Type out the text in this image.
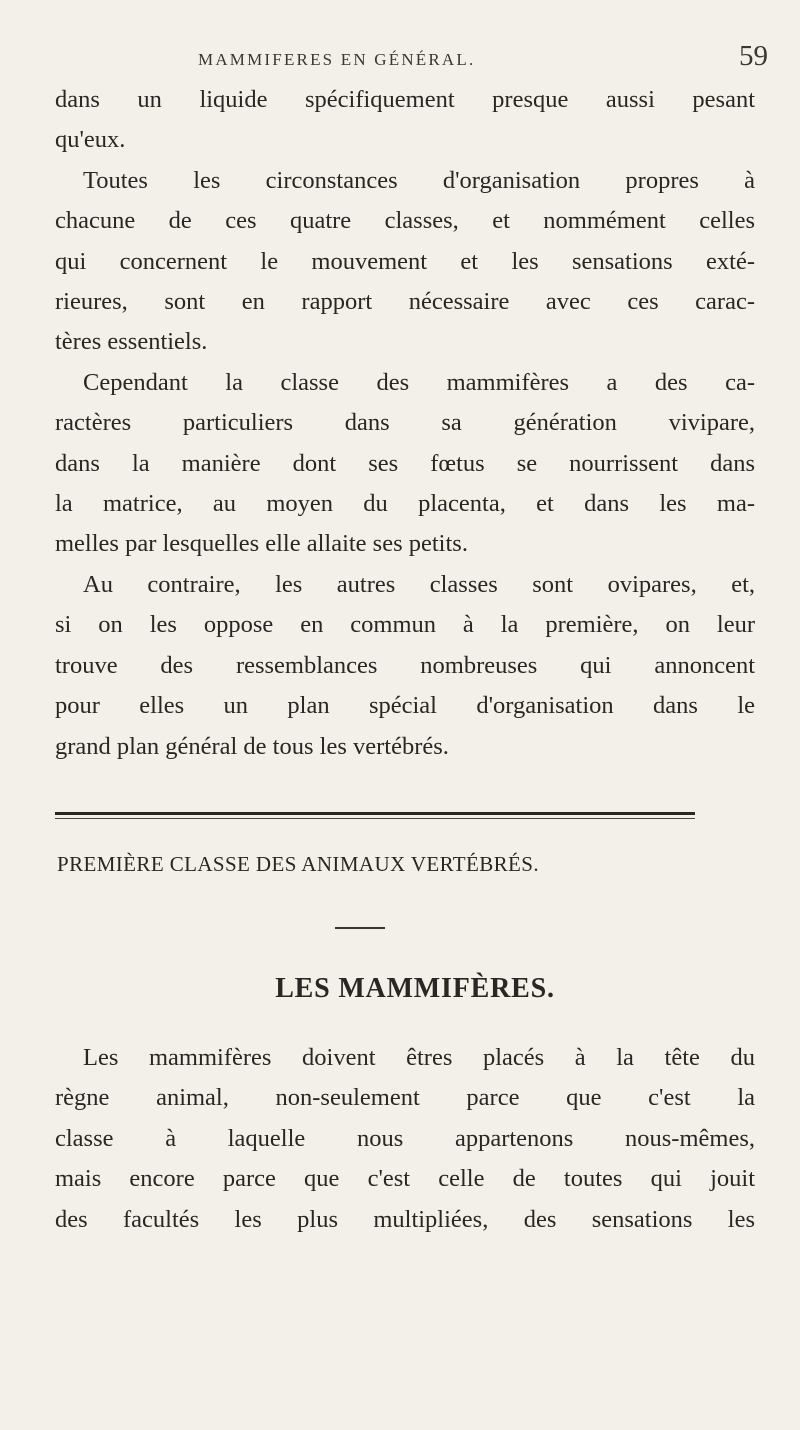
MAMMIFERES EN GÉNÉRAL.	59
dans un liquide spécifiquement presque aussi pesant
qu'eux.
Toutes les circonstances d'organisation propres à
chacune de ces quatre classes, et nommément celles
qui concernent le mouvement et les sensations exté-
rieures, sont en rapport nécessaire avec ces carac-
tères essentiels.
Cependant la classe des mammifères a des ca-
ractères particuliers dans sa génération vivipare,
dans la manière dont ses fœtus se nourrissent dans
la matrice, au moyen du placenta, et dans les ma-
melles par lesquelles elle allaite ses petits.
Au contraire, les autres classes sont ovipares, et,
si on les oppose en commun à la première, on leur
trouve des ressemblances nombreuses qui annoncent
pour elles un plan spécial d'organisation dans le
grand plan général de tous les vertébrés.
PREMIÈRE CLASSE DES ANIMAUX VERTÉBRÉS.
LES MAMMIFÈRES.
Les mammifères doivent êtres placés à la tête du
règne animal, non-seulement parce que c'est la
classe à laquelle nous appartenons nous-mêmes,
mais encore parce que c'est celle de toutes qui jouit
des facultés les plus multipliées, des sensations les
